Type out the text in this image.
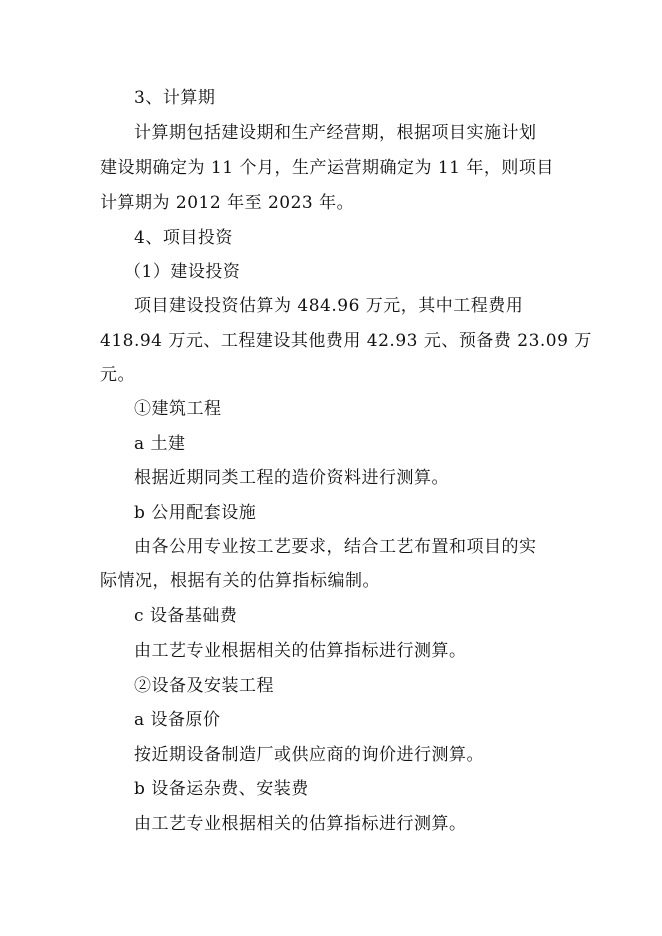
3、计算期
计算期包括建设期和生产经营期，根据项目实施计划
建设期确定为 11 个月，生产运营期确定为 11 年，则项目
计算期为 2012 年至 2023 年。
4、项目投资
（1）建设投资
项目建设投资估算为 484.96 万元，其中工程费用
418.94 万元、工程建设其他费用 42.93 元、预备费 23.09 万
元。
①建筑工程
a 土建
根据近期同类工程的造价资料进行测算。
b 公用配套设施
由各公用专业按工艺要求，结合工艺布置和项目的实
际情况，根据有关的估算指标编制。
c 设备基础费
由工艺专业根据相关的估算指标进行测算。
②设备及安装工程
a 设备原价
按近期设备制造厂或供应商的询价进行测算。
b 设备运杂费、安装费
由工艺专业根据相关的估算指标进行测算。
